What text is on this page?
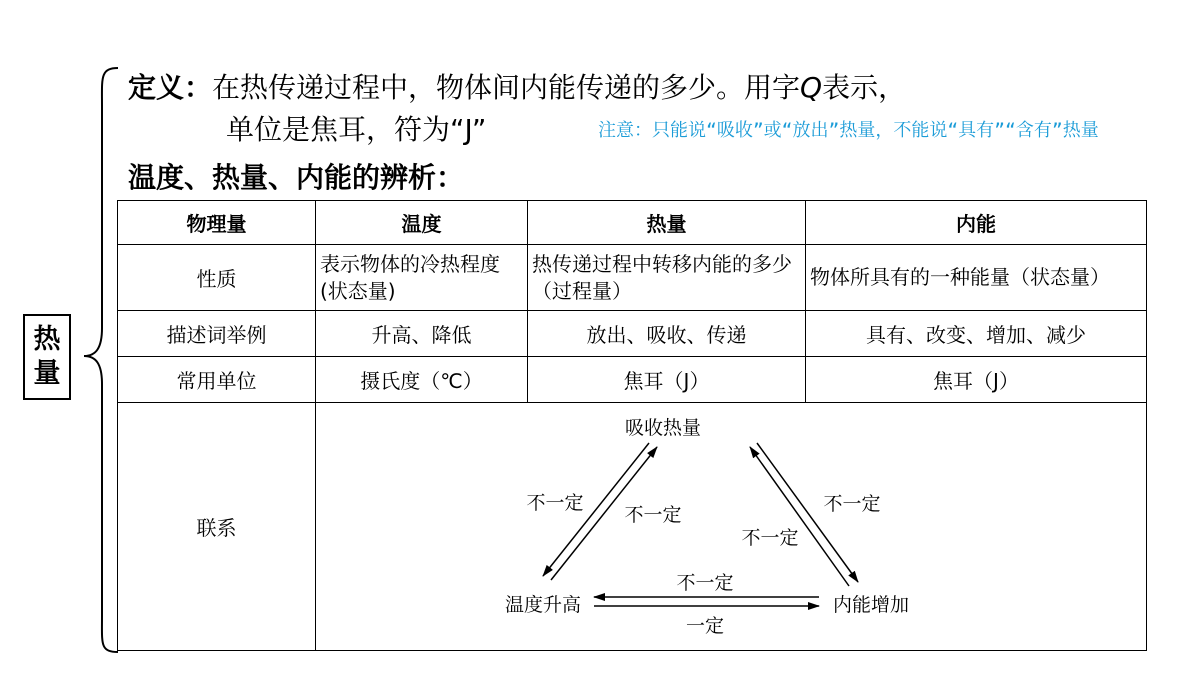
热
量
定义：在热传递过程中，物体间内能传递的多少。用字Q表示，
单位是焦耳，符为“J”	注意：只能说“吸收”或“放出”热量，不能说“具有”“含有”热量
温度、热量、内能的辨析：
物理量	温度	热量	内能
性质	表示物体的冷热程度(状态量)	热传递过程中转移内能的多少（过程量）	物体所具有的一种能量（状态量）
描述词举例	升高、降低	放出、吸收、传递	具有、改变、增加、减少
常用单位	摄氏度（℃）	焦耳（J）	焦耳（J）
联系			
吸收热量
温度升高	内能增加
不一定
不一定	不一定
不一定
不一定
一定
